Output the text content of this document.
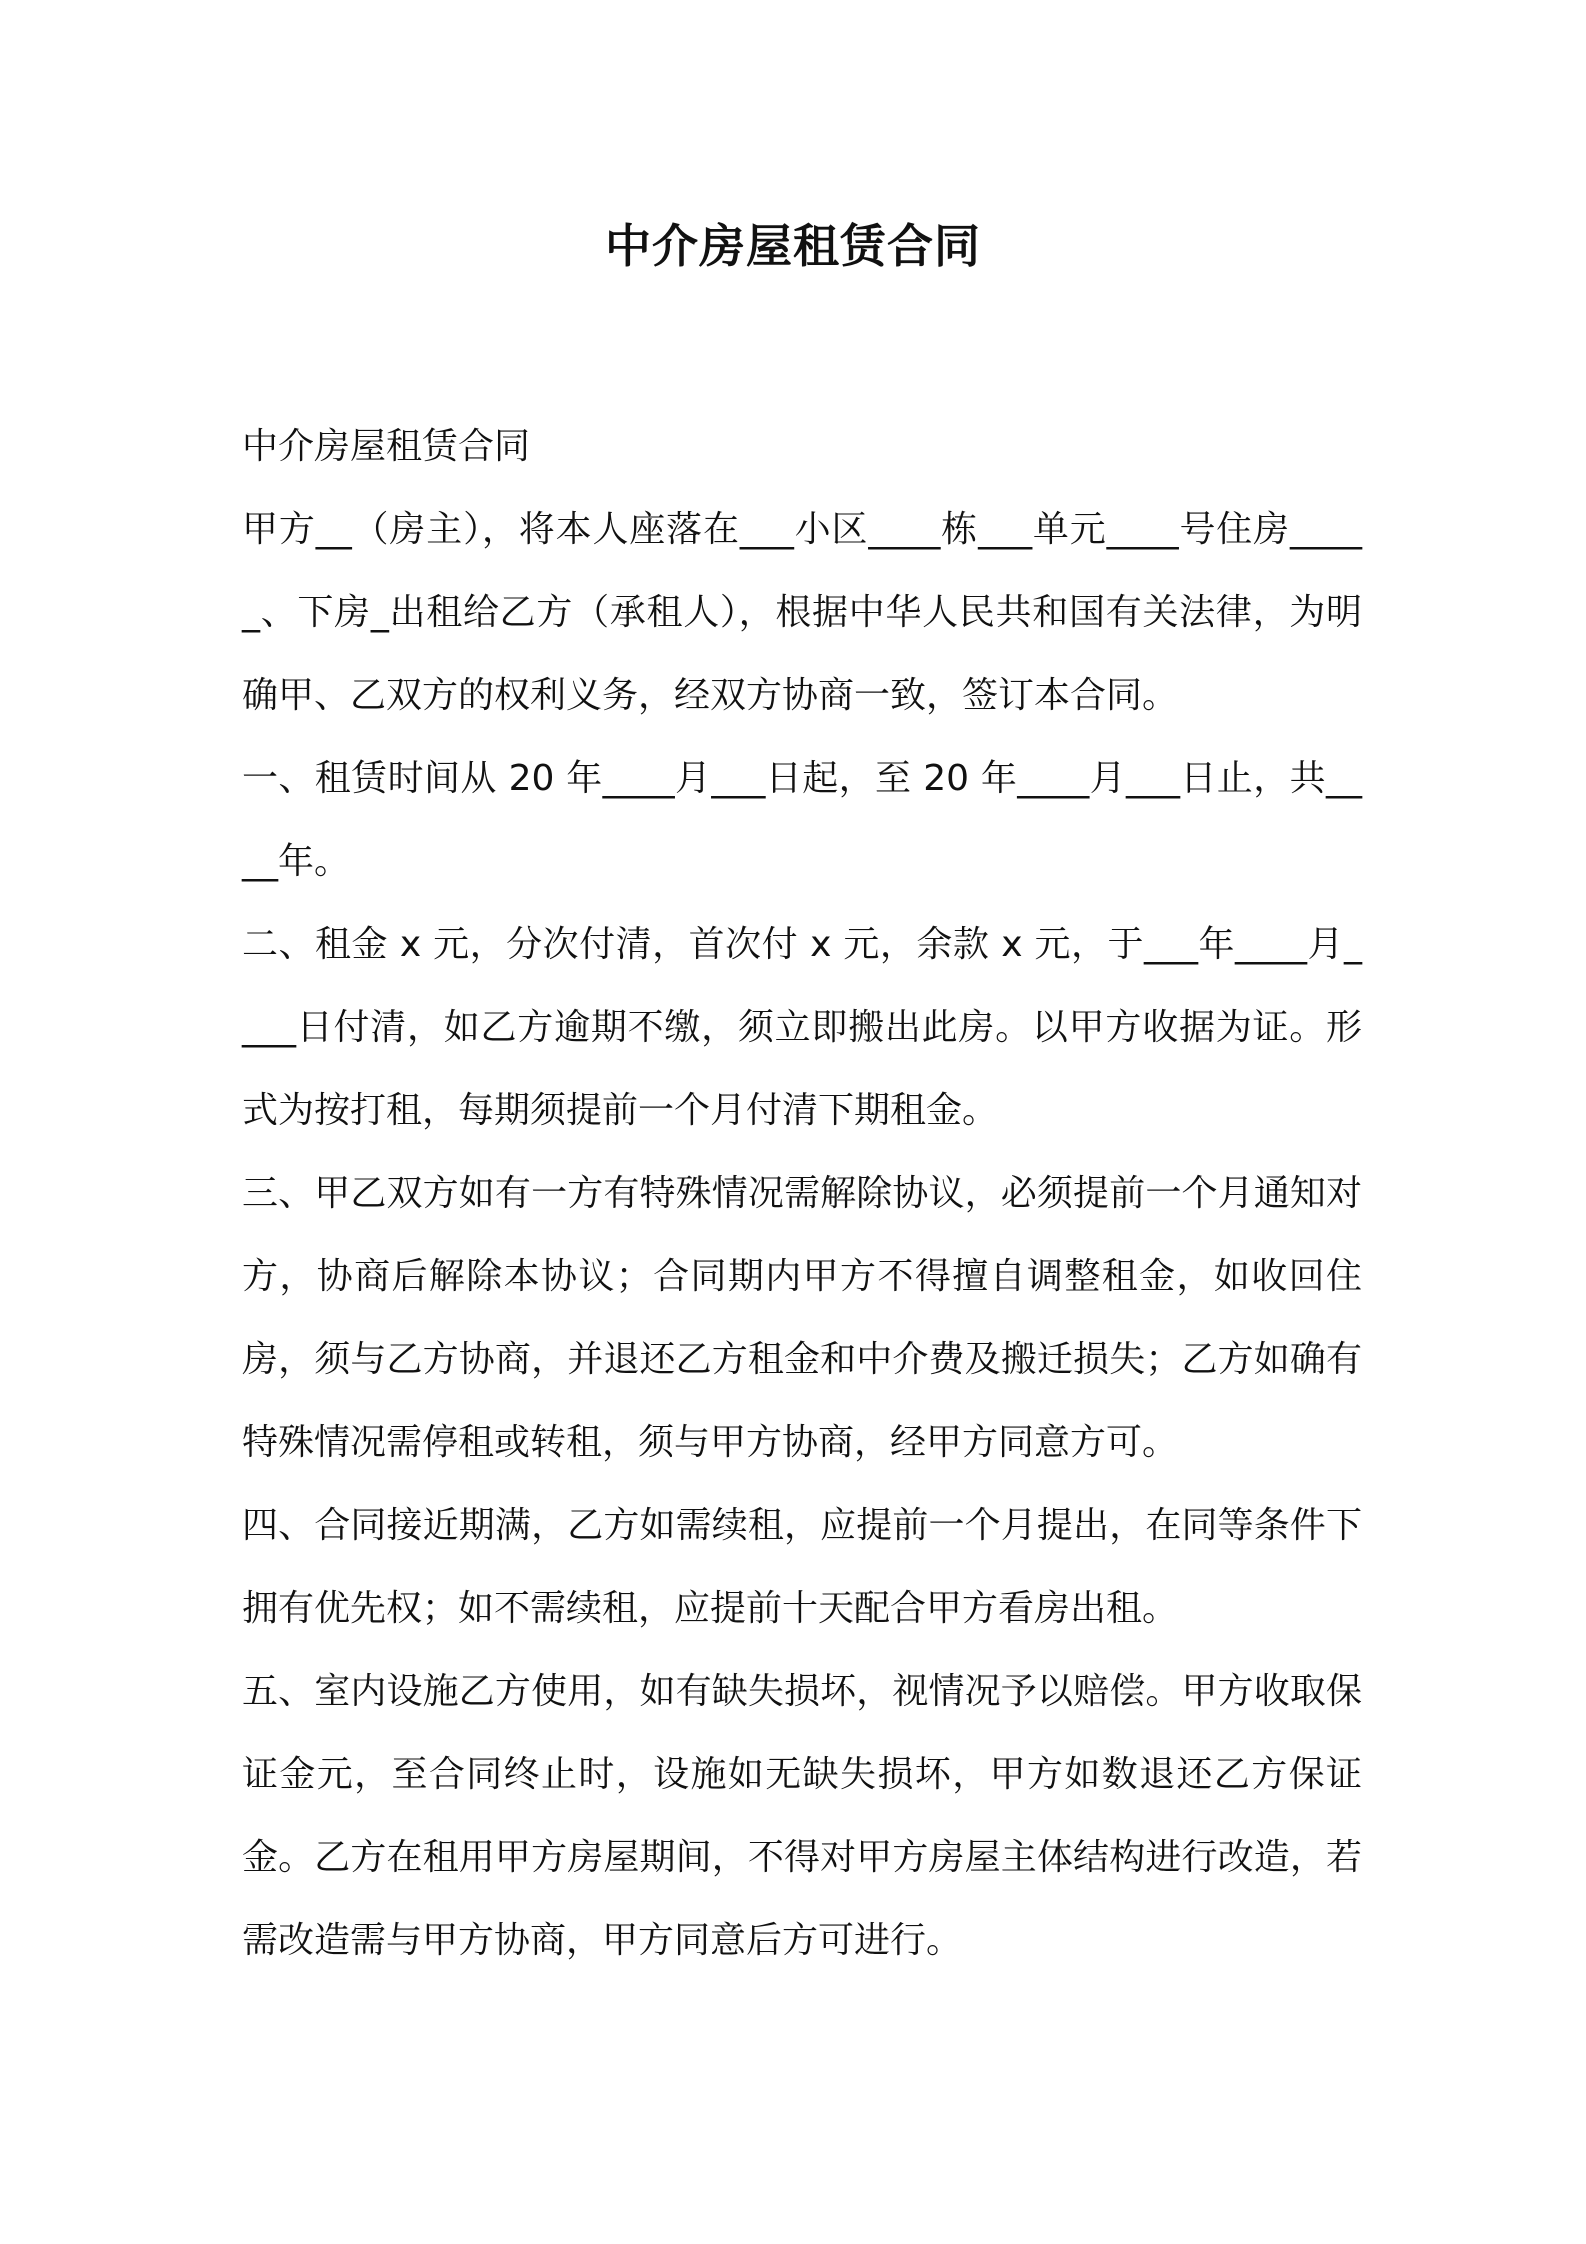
中介房屋租赁合同

中介房屋租赁合同

甲方__（房主），将本人座落在___小区____栋___单元____号住房_____、下房_出租给乙方（承租人），根据中华人民共和国有关法律，为明确甲、乙双方的权利义务，经双方协商一致，签订本合同。

一、租赁时间从 20 年____月___日起，至 20 年____月___日止，共____年。

二、租金 x 元，分次付清，首次付 x 元，余款 x 元，于___年____月____日付清，如乙方逾期不缴，须立即搬出此房。以甲方收据为证。形式为按打租，每期须提前一个月付清下期租金。

三、甲乙双方如有一方有特殊情况需解除协议，必须提前一个月通知对方，协商后解除本协议；合同期内甲方不得擅自调整租金，如收回住房，须与乙方协商，并退还乙方租金和中介费及搬迁损失；乙方如确有特殊情况需停租或转租，须与甲方协商，经甲方同意方可。

四、合同接近期满，乙方如需续租，应提前一个月提出，在同等条件下拥有优先权；如不需续租，应提前十天配合甲方看房出租。

五、室内设施乙方使用，如有缺失损坏，视情况予以赔偿。甲方收取保证金元，至合同终止时，设施如无缺失损坏，甲方如数退还乙方保证金。乙方在租用甲方房屋期间，不得对甲方房屋主体结构进行改造，若需改造需与甲方协商，甲方同意后方可进行。
